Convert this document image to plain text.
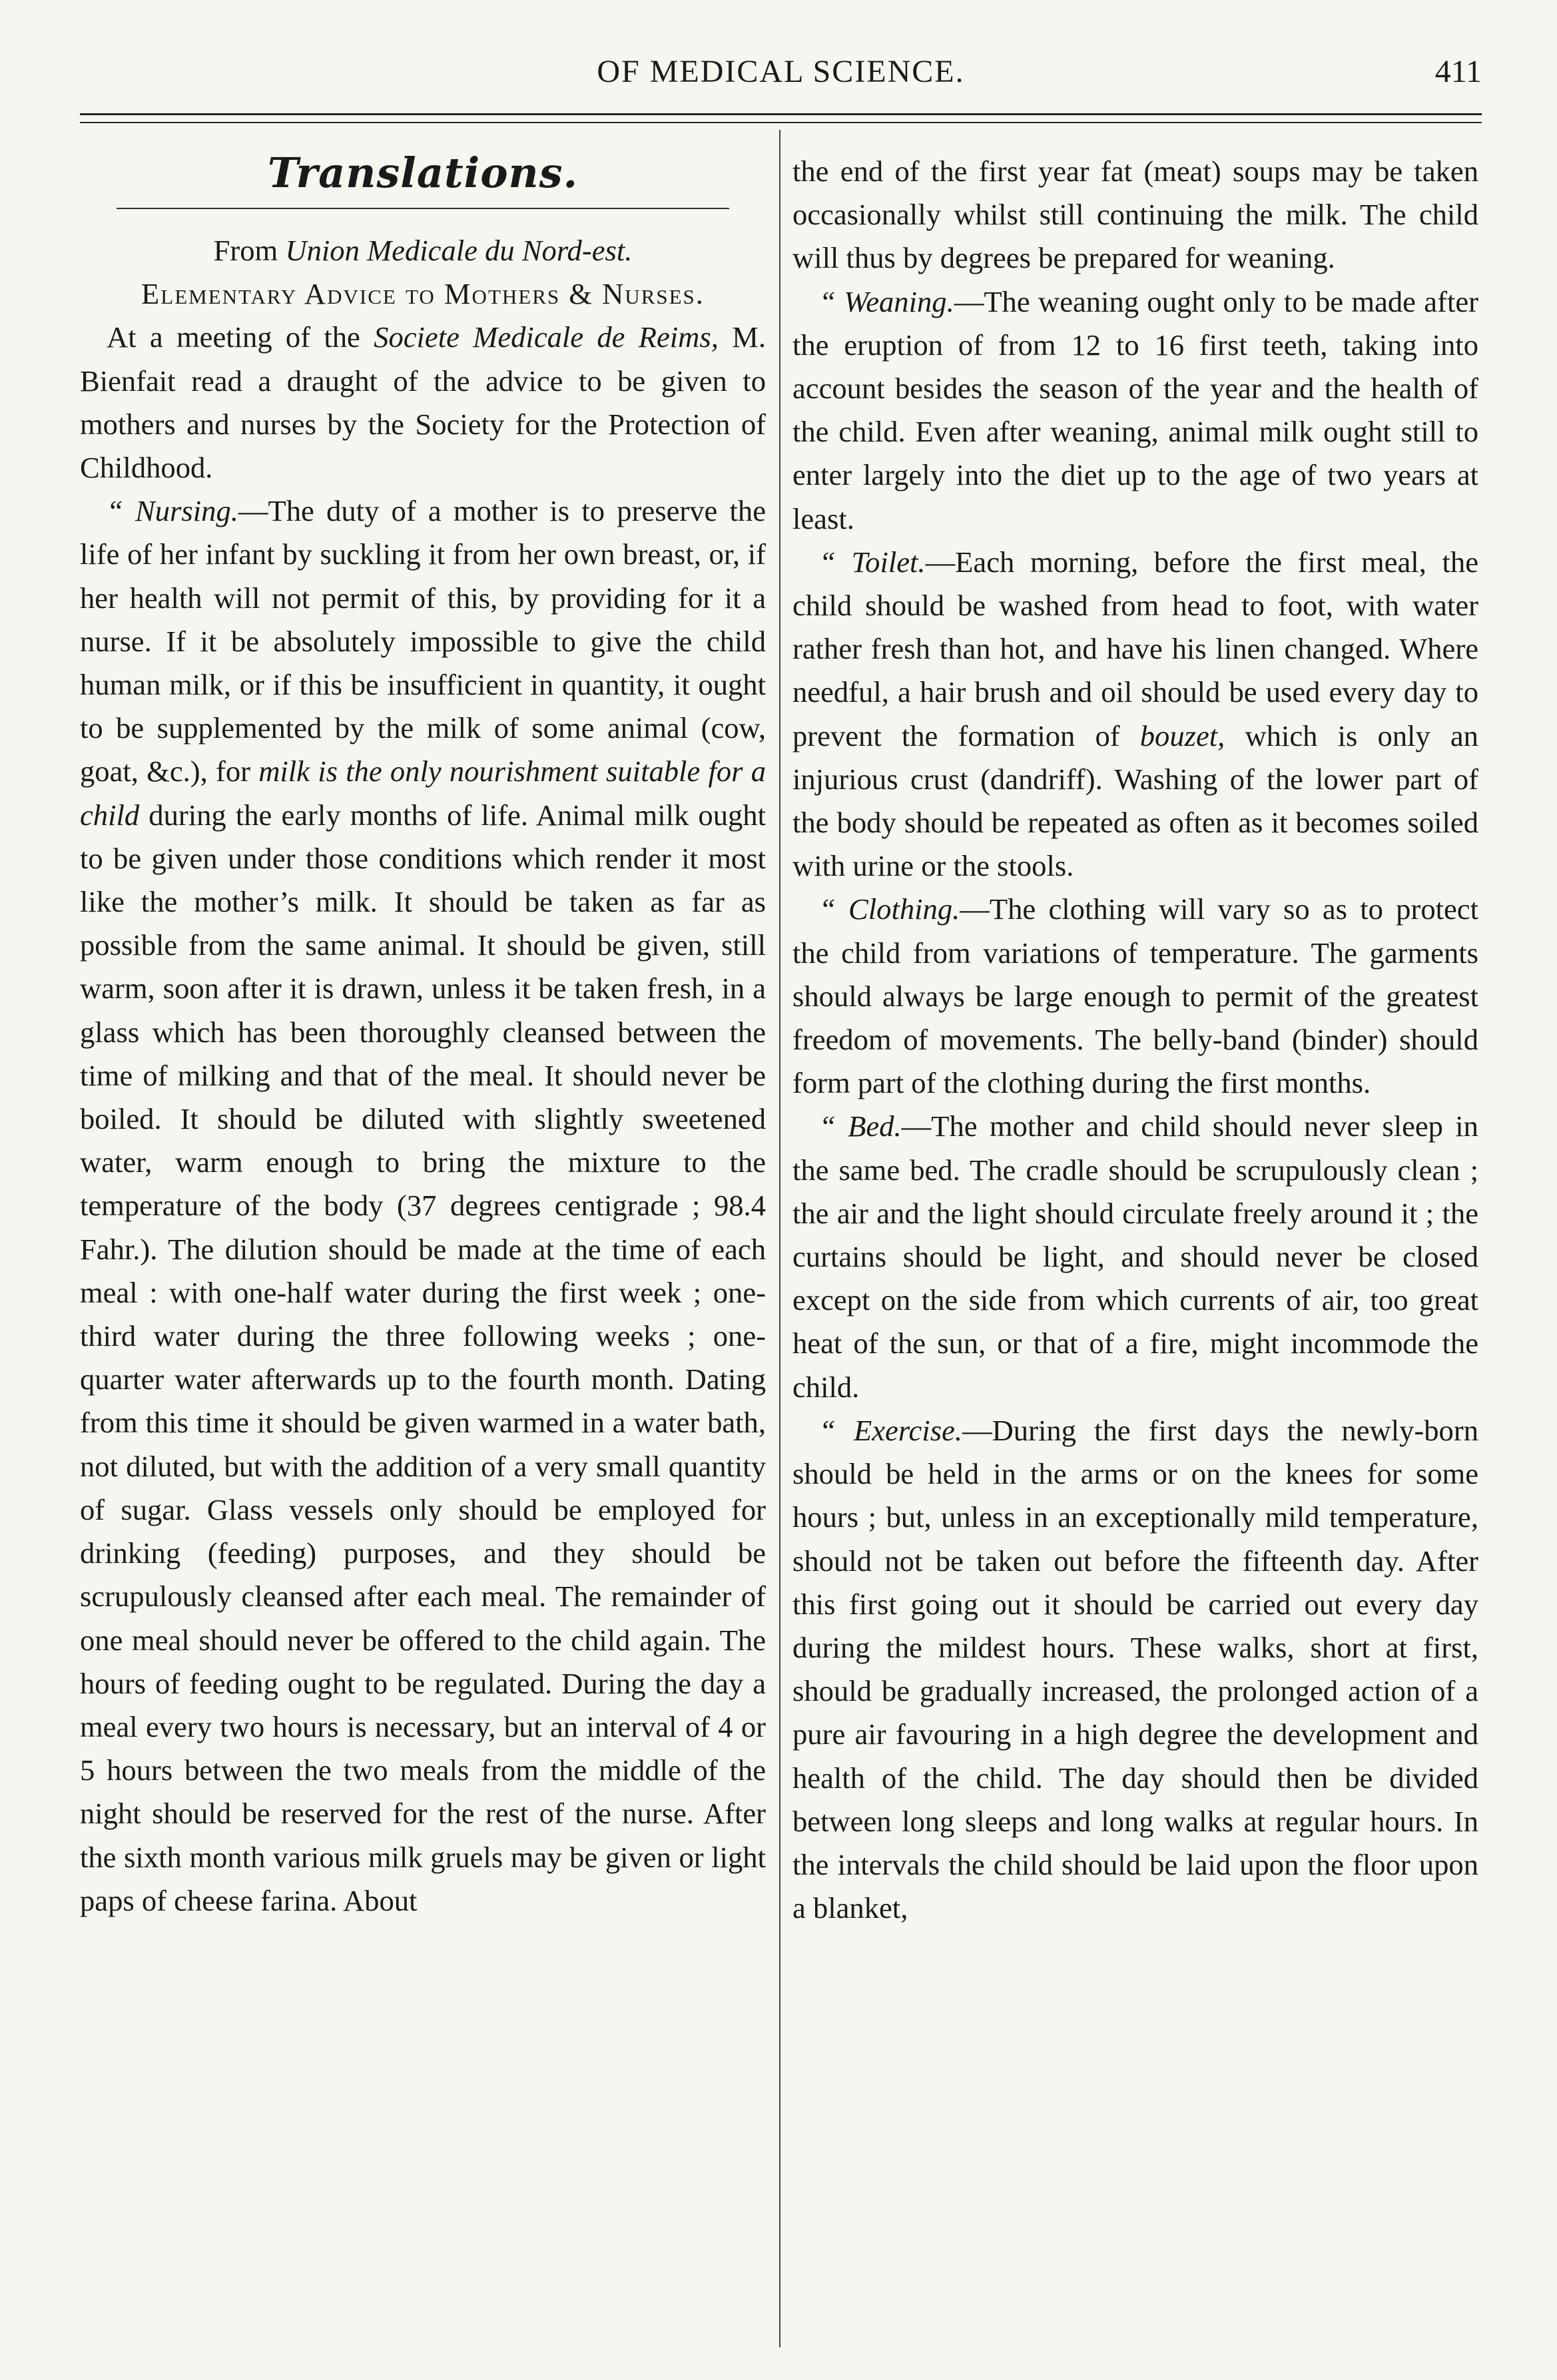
OF MEDICAL SCIENCE.	411
Translations.

From Union Medicale du Nord-est.

Elementary Advice to Mothers & Nurses.

At a meeting of the Societe Medicale de Reims, M. Bienfait read a draught of the advice to be given to mothers and nurses by the Society for the Protection of Childhood.

“ Nursing.—The duty of a mother is to preserve the life of her infant by suckling it from her own breast, or, if her health will not permit of this, by providing for it a nurse. If it be absolutely impossible to give the child human milk, or if this be insufficient in quantity, it ought to be supplemented by the milk of some animal (cow, goat, &c.), for milk is the only nourishment suitable for a child during the early months of life. Animal milk ought to be given under those conditions which render it most like the mother’s milk. It should be taken as far as possible from the same animal. It should be given, still warm, soon after it is drawn, unless it be taken fresh, in a glass which has been thoroughly cleansed between the time of milking and that of the meal. It should never be boiled. It should be diluted with slightly sweetened water, warm enough to bring the mixture to the temperature of the body (37 degrees centigrade ; 98.4 Fahr.). The dilution should be made at the time of each meal : with one-half water during the first week ; one-third water during the three following weeks ; one-quarter water afterwards up to the fourth month. Dating from this time it should be given warmed in a water bath, not diluted, but with the addition of a very small quantity of sugar. Glass vessels only should be employed for drinking (feeding) purposes, and they should be scrupulously cleansed after each meal. The remainder of one meal should never be offered to the child again. The hours of feeding ought to be regulated. During the day a meal every two hours is necessary, but an interval of 4 or 5 hours between the two meals from the middle of the night should be reserved for the rest of the nurse. After the sixth month various milk gruels may be given or light paps of cheese farina. About

the end of the first year fat (meat) soups may be taken occasionally whilst still continuing the milk. The child will thus by degrees be prepared for weaning.

“ Weaning.—The weaning ought only to be made after the eruption of from 12 to 16 first teeth, taking into account besides the season of the year and the health of the child. Even after weaning, animal milk ought still to enter largely into the diet up to the age of two years at least.

“ Toilet.—Each morning, before the first meal, the child should be washed from head to foot, with water rather fresh than hot, and have his linen changed. Where needful, a hair brush and oil should be used every day to prevent the formation of bouzet, which is only an injurious crust (dandriff). Washing of the lower part of the body should be repeated as often as it becomes soiled with urine or the stools.

“ Clothing.—The clothing will vary so as to protect the child from variations of temperature. The garments should always be large enough to permit of the greatest freedom of movements. The belly-band (binder) should form part of the clothing during the first months.

“ Bed.—The mother and child should never sleep in the same bed. The cradle should be scrupulously clean ; the air and the light should circulate freely around it ; the curtains should be light, and should never be closed except on the side from which currents of air, too great heat of the sun, or that of a fire, might incommode the child.

“ Exercise.—During the first days the newly-born should be held in the arms or on the knees for some hours ; but, unless in an exceptionally mild temperature, should not be taken out before the fifteenth day. After this first going out it should be carried out every day during the mildest hours. These walks, short at first, should be gradually increased, the prolonged action of a pure air favouring in a high degree the development and health of the child. The day should then be divided between long sleeps and long walks at regular hours. In the intervals the child should be laid upon the floor upon a blanket,
